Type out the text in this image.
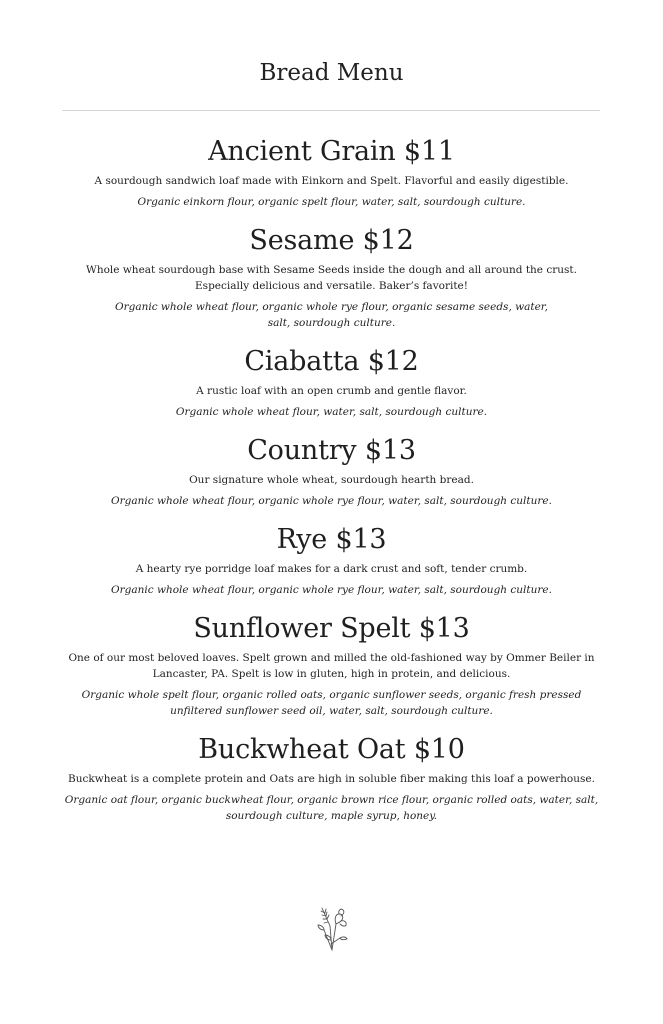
Bread Menu
Ancient Grain $11

A sourdough sandwich loaf made with Einkorn and Spelt. Flavorful and easily digestible.

Organic einkorn flour, organic spelt flour, water, salt, sourdough culture.

Sesame $12

Whole wheat sourdough base with Sesame Seeds inside the dough and all around the crust. Especially delicious and versatile. Baker’s favorite!

Organic whole wheat flour, organic whole rye flour, organic sesame seeds, water, salt, sourdough culture.

Ciabatta $12

A rustic loaf with an open crumb and gentle flavor.

Organic whole wheat flour, water, salt, sourdough culture.

Country $13

Our signature whole wheat, sourdough hearth bread.

Organic whole wheat flour, organic whole rye flour, water, salt, sourdough culture.

Rye $13

A hearty rye porridge loaf makes for a dark crust and soft, tender crumb.

Organic whole wheat flour, organic whole rye flour, water, salt, sourdough culture.

Sunflower Spelt $13

One of our most beloved loaves. Spelt grown and milled the old-fashioned way by Ommer Beiler in Lancaster, PA. Spelt is low in gluten, high in protein, and delicious.

Organic whole spelt flour, organic rolled oats, organic sunflower seeds, organic fresh pressed unfiltered sunflower seed oil, water, salt, sourdough culture.

Buckwheat Oat $10

Buckwheat is a complete protein and Oats are high in soluble fiber making this loaf a powerhouse.

Organic oat flour, organic buckwheat flour, organic brown rice flour, organic rolled oats, water, salt, sourdough culture, maple syrup, honey.
